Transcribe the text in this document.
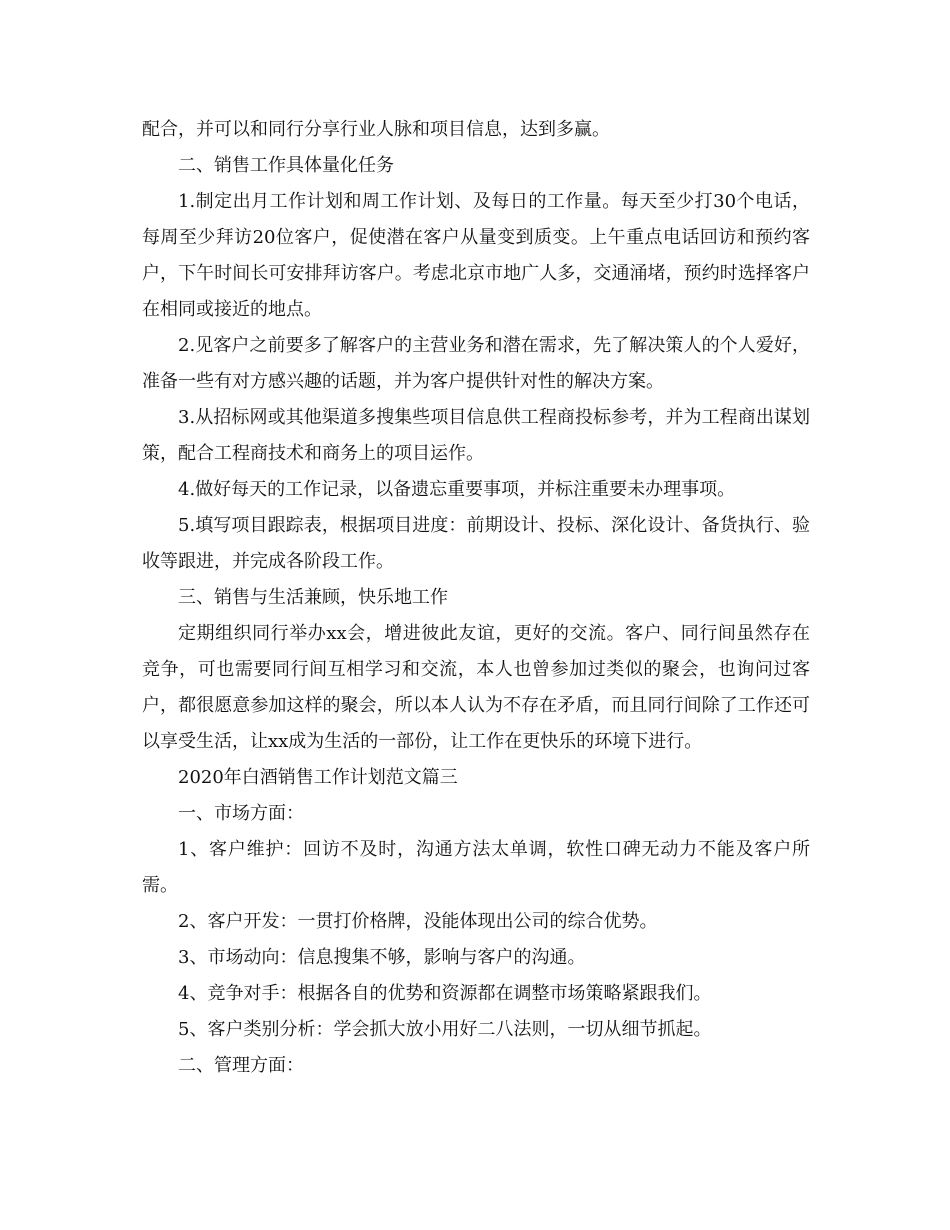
配合，并可以和同行分享行业人脉和项目信息，达到多赢。

二、销售工作具体量化任务

1.制定出月工作计划和周工作计划、及每日的工作量。每天至少打30个电话，每周至少拜访20位客户，促使潜在客户从量变到质变。上午重点电话回访和预约客户，下午时间长可安排拜访客户。考虑北京市地广人多，交通涌堵，预约时选择客户在相同或接近的地点。

2.见客户之前要多了解客户的主营业务和潜在需求，先了解决策人的个人爱好，准备一些有对方感兴趣的话题，并为客户提供针对性的解决方案。

3.从招标网或其他渠道多搜集些项目信息供工程商投标参考，并为工程商出谋划策，配合工程商技术和商务上的项目运作。

4.做好每天的工作记录，以备遗忘重要事项，并标注重要未办理事项。

5.填写项目跟踪表，根据项目进度：前期设计、投标、深化设计、备货执行、验收等跟进，并完成各阶段工作。

三、销售与生活兼顾，快乐地工作

定期组织同行举办xx会，增进彼此友谊，更好的交流。客户、同行间虽然存在竞争，可也需要同行间互相学习和交流，本人也曾参加过类似的聚会，也询问过客户，都很愿意参加这样的聚会，所以本人认为不存在矛盾，而且同行间除了工作还可以享受生活，让xx成为生活的一部份，让工作在更快乐的环境下进行。

2020年白酒销售工作计划范文篇三

一、市场方面：

1、客户维护：回访不及时，沟通方法太单调，软性口碑无动力不能及客户所需。

2、客户开发：一贯打价格牌，没能体现出公司的综合优势。

3、市场动向：信息搜集不够，影响与客户的沟通。

4、竞争对手：根据各自的优势和资源都在调整市场策略紧跟我们。

5、客户类别分析：学会抓大放小用好二八法则，一切从细节抓起。

二、管理方面：
